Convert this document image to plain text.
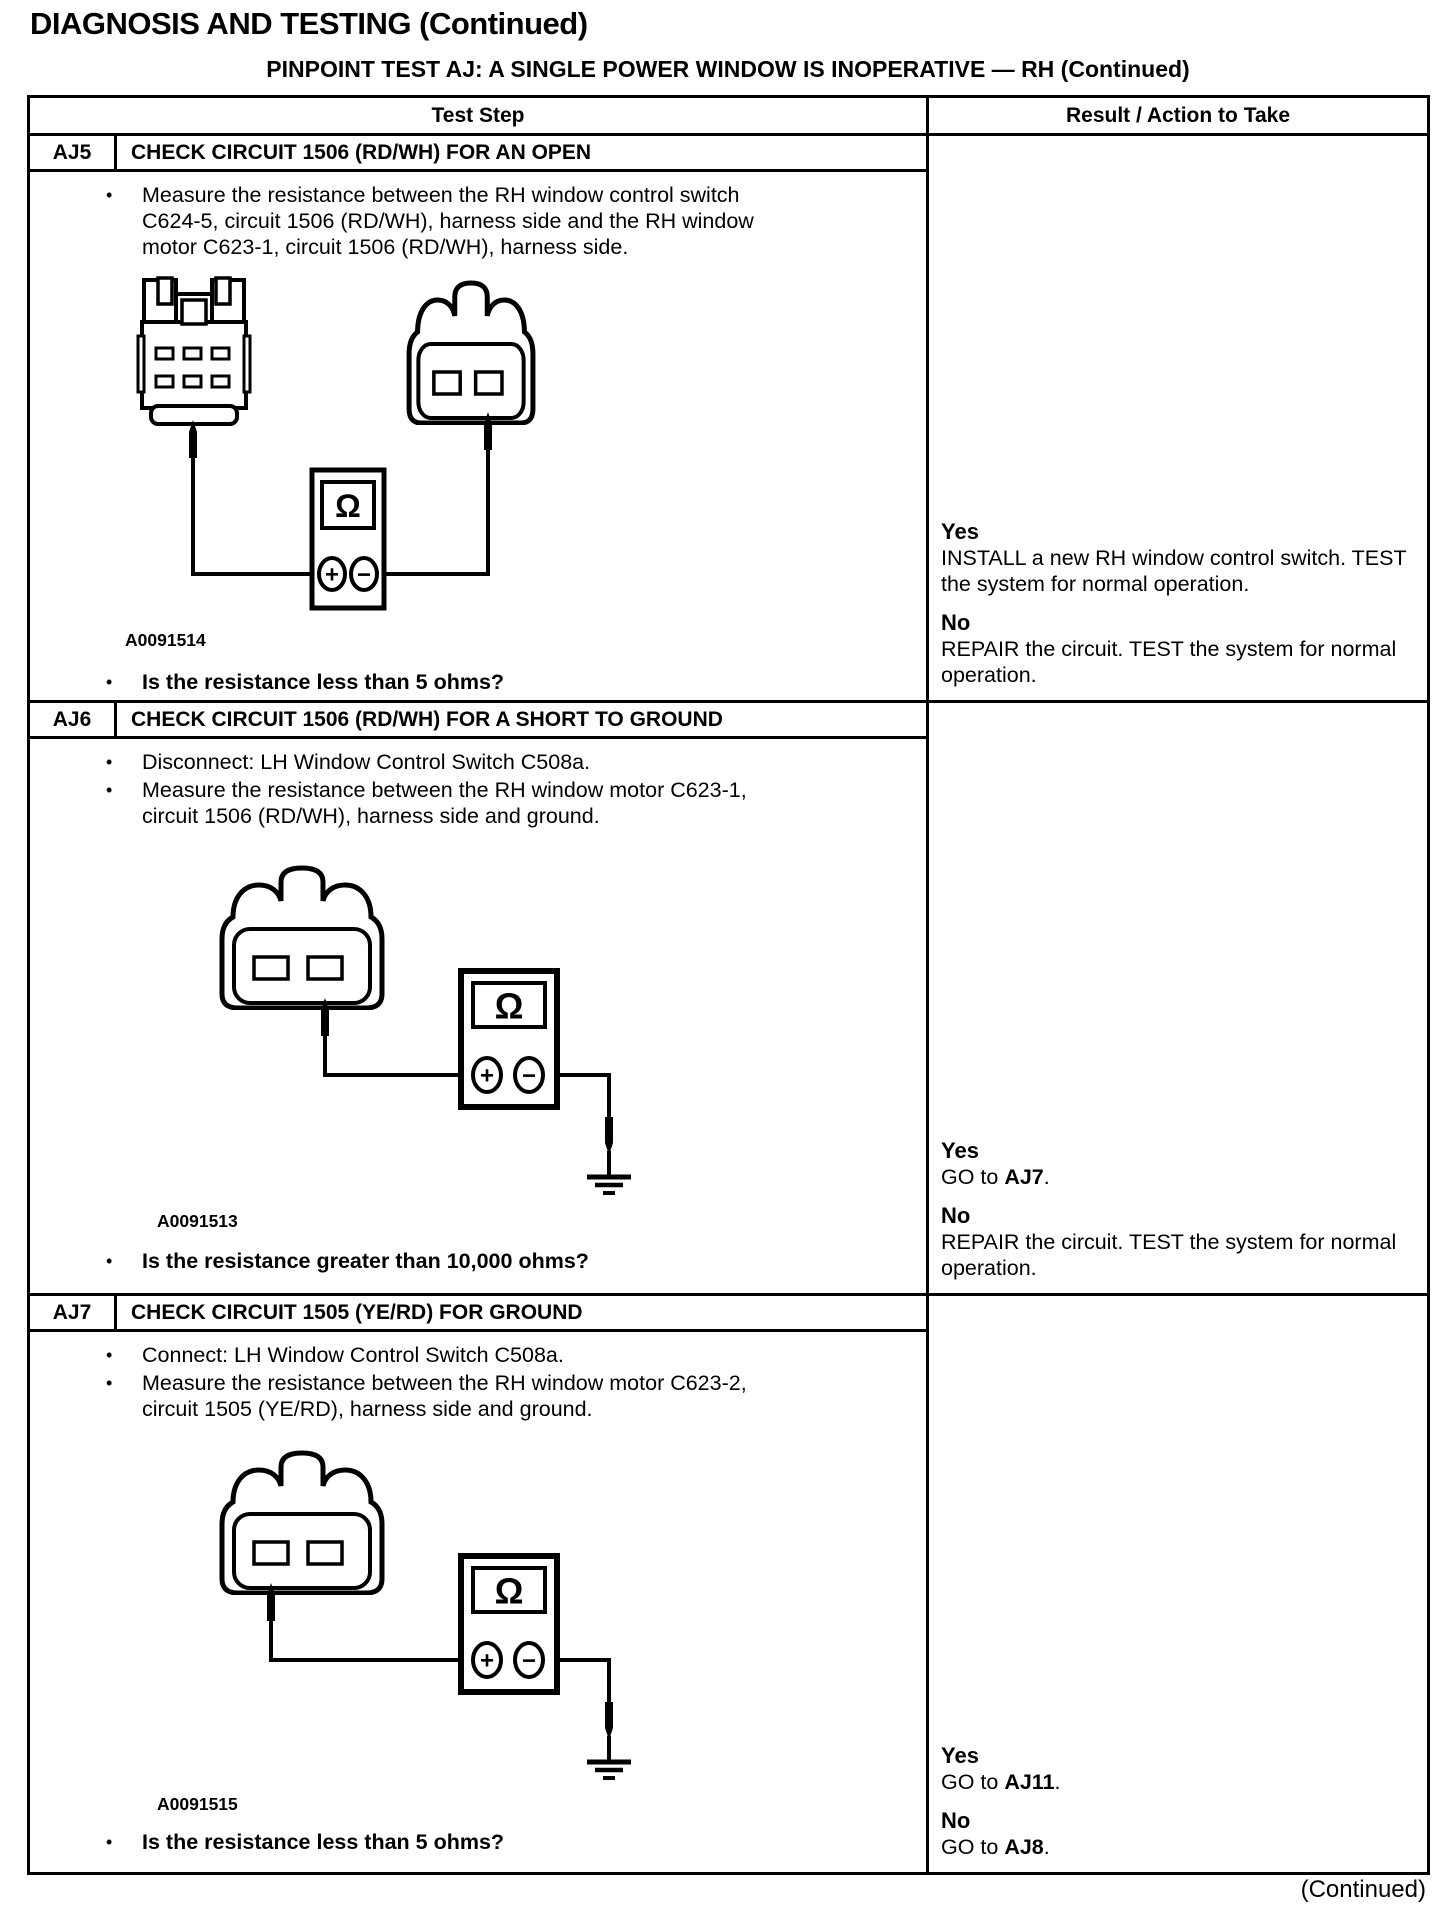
DIAGNOSIS AND TESTING (Continued)
PINPOINT TEST AJ: A SINGLE POWER WINDOW IS INOPERATIVE — RH (Continued)
Test Step	Result / Action to Take
AJ5	CHECK CIRCUIT 1506 (RD/WH) FOR AN OPEN
•	Measure the resistance between the RH window control switch C624-5, circuit 1506 (RD/WH), harness side and the RH window motor C623-1, circuit 1506 (RD/WH), harness side.
Ω
+ −
A0091514
•	Is the resistance less than 5 ohms?
Yes
INSTALL a new RH window control switch. TEST the system for normal operation.
No
REPAIR the circuit. TEST the system for normal operation.
AJ6	CHECK CIRCUIT 1506 (RD/WH) FOR A SHORT TO GROUND
•	Disconnect: LH Window Control Switch C508a.
•	Measure the resistance between the RH window motor C623-1, circuit 1506 (RD/WH), harness side and ground.
Ω
+ −
A0091513
•	Is the resistance greater than 10,000 ohms?
Yes
GO to AJ7.
No
REPAIR the circuit. TEST the system for normal operation.
AJ7	CHECK CIRCUIT 1505 (YE/RD) FOR GROUND
•	Connect: LH Window Control Switch C508a.
•	Measure the resistance between the RH window motor C623-2, circuit 1505 (YE/RD), harness side and ground.
Ω
+ −
A0091515
•	Is the resistance less than 5 ohms?
Yes
GO to AJ11.
No
GO to AJ8.
(Continued)
